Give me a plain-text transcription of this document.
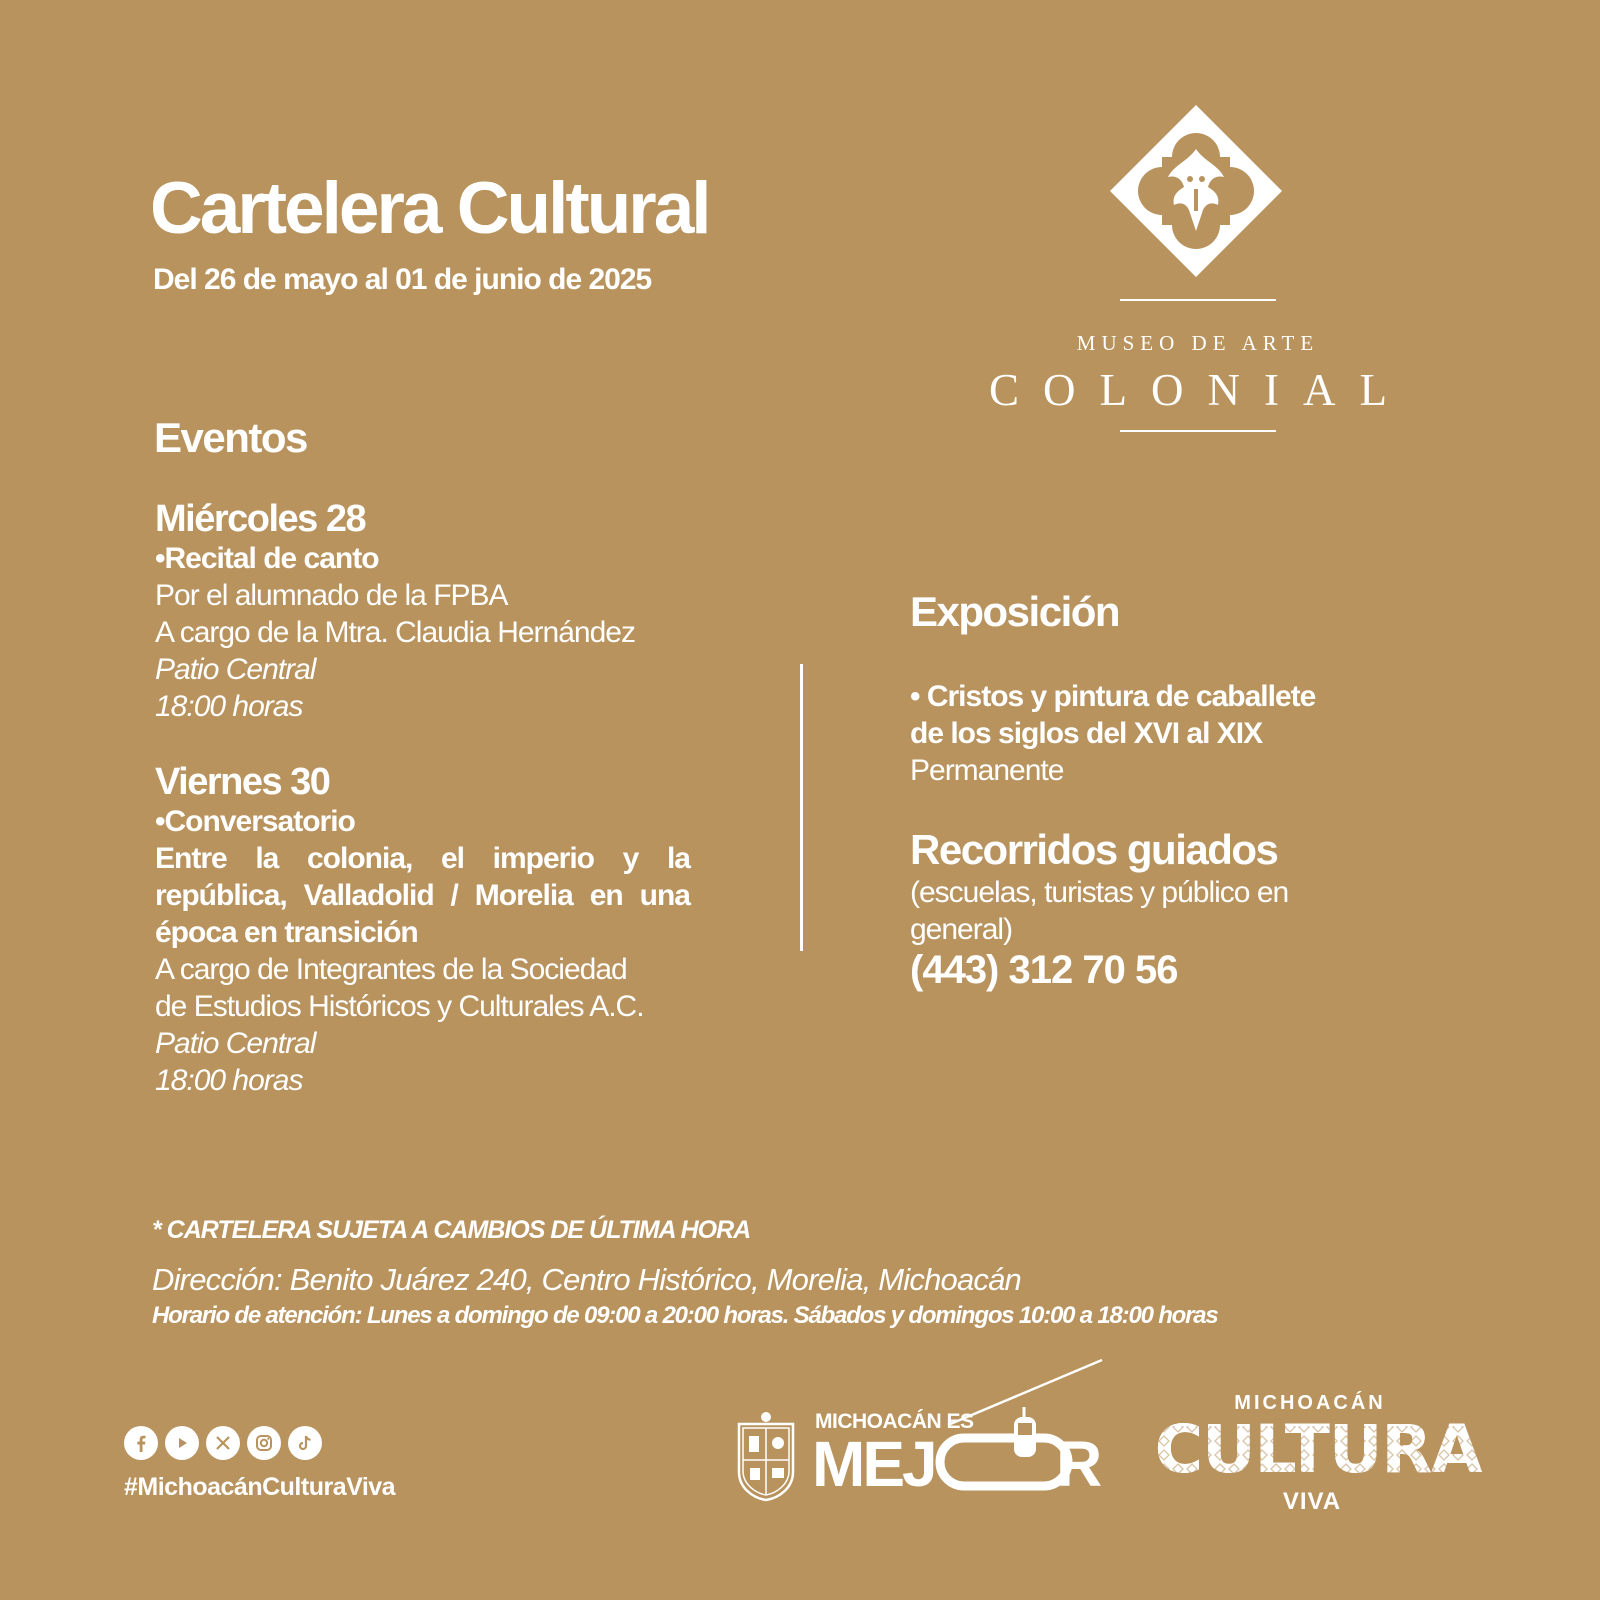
Cartelera Cultural
Del 26 de mayo al 01 de junio de 2025
MUSEO DE ARTE
COLONIAL
Eventos
Miércoles 28
•Recital de canto
Por el alumnado de la FPBA
A cargo de la Mtra. Claudia Hernández
Patio Central
18:00 horas
Viernes 30
•Conversatorio
Entre la colonia, el imperio y la república, Valladolid / Morelia en una época en transición
A cargo de Integrantes de la Sociedad
de Estudios Históricos y Culturales A.C.
Patio Central
18:00 horas
Exposición
• Cristos y pintura de caballete
de los siglos del XVI al XIX
Permanente
Recorridos guiados
(escuelas, turistas y público en
general)
(443) 312 70 56
* CARTELERA SUJETA A CAMBIOS DE ÚLTIMA HORA
Dirección: Benito Juárez 240, Centro Histórico, Morelia, Michoacán
Horario de atención: Lunes a domingo de 09:00 a 20:00 horas. Sábados y domingos 10:00 a 18:00 horas
#MichoacánCulturaViva
MICHOACÁN ES
MEJ R
MICHOACÁN
VIVA
